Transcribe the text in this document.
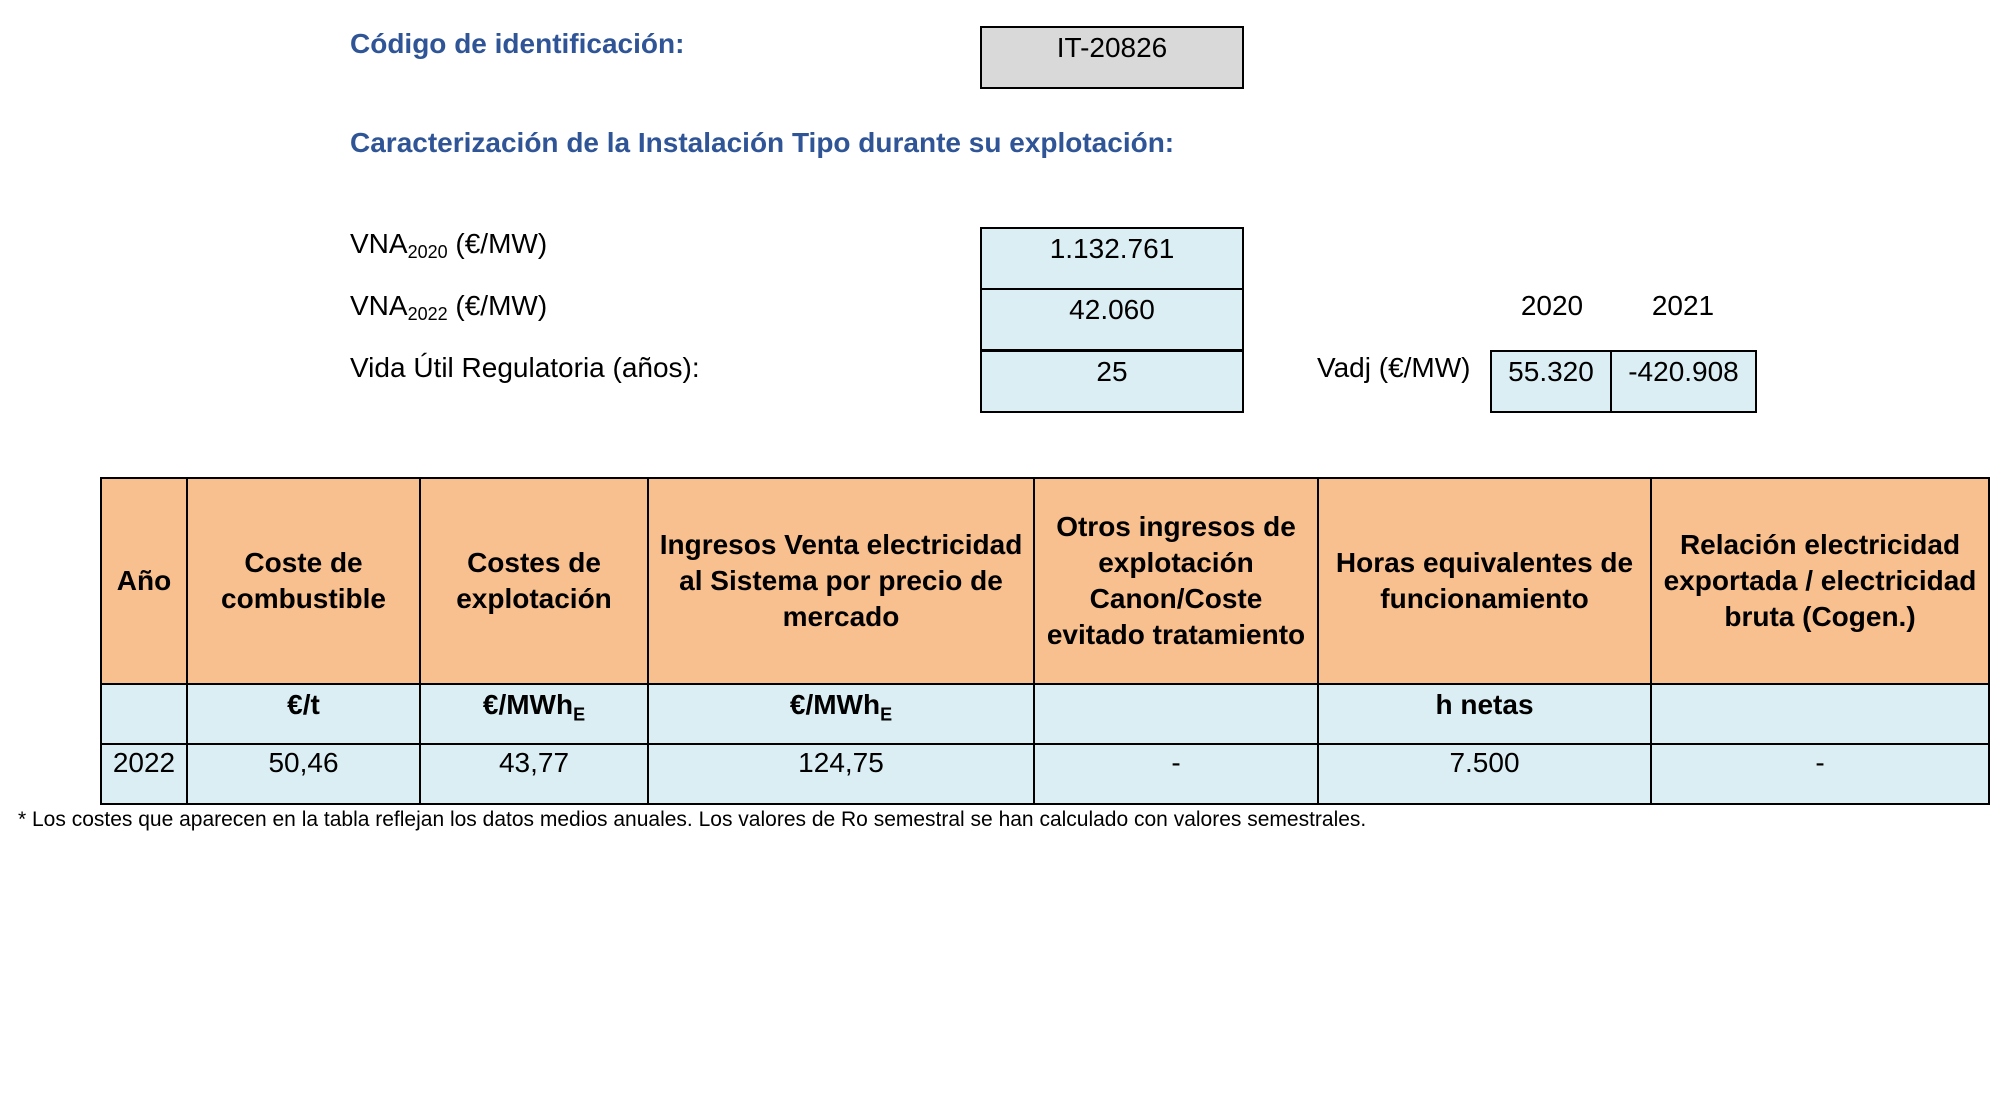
Código de identificación:	IT-20826
Caracterización de la Instalación Tipo durante su explotación:
$VNA_{2020}$ (€/MW)	1.132.761
$VNA_{2022}$ (€/MW)	42.060
Vida Útil Regulatoria (años):	25
2020	2021
Vadj (€/MW)	55.320	-420.908
Año	Coste de combustible	Costes de explotación	Ingresos Venta electricidad al Sistema por precio de mercado	Otros ingresos de explotación Canon/Coste evitado tratamiento	Horas equivalentes de funcionamiento	Relación electricidad exportada / electricidad bruta (Cogen.)
	€/t	€/MWh$_E$	€/MWh$_E$		h netas	
2022	50,46	43,77	124,75	-	7.500	-
* Los costes que aparecen en la tabla reflejan los datos medios anuales. Los valores de Ro semestral se han calculado con valores semestrales.
